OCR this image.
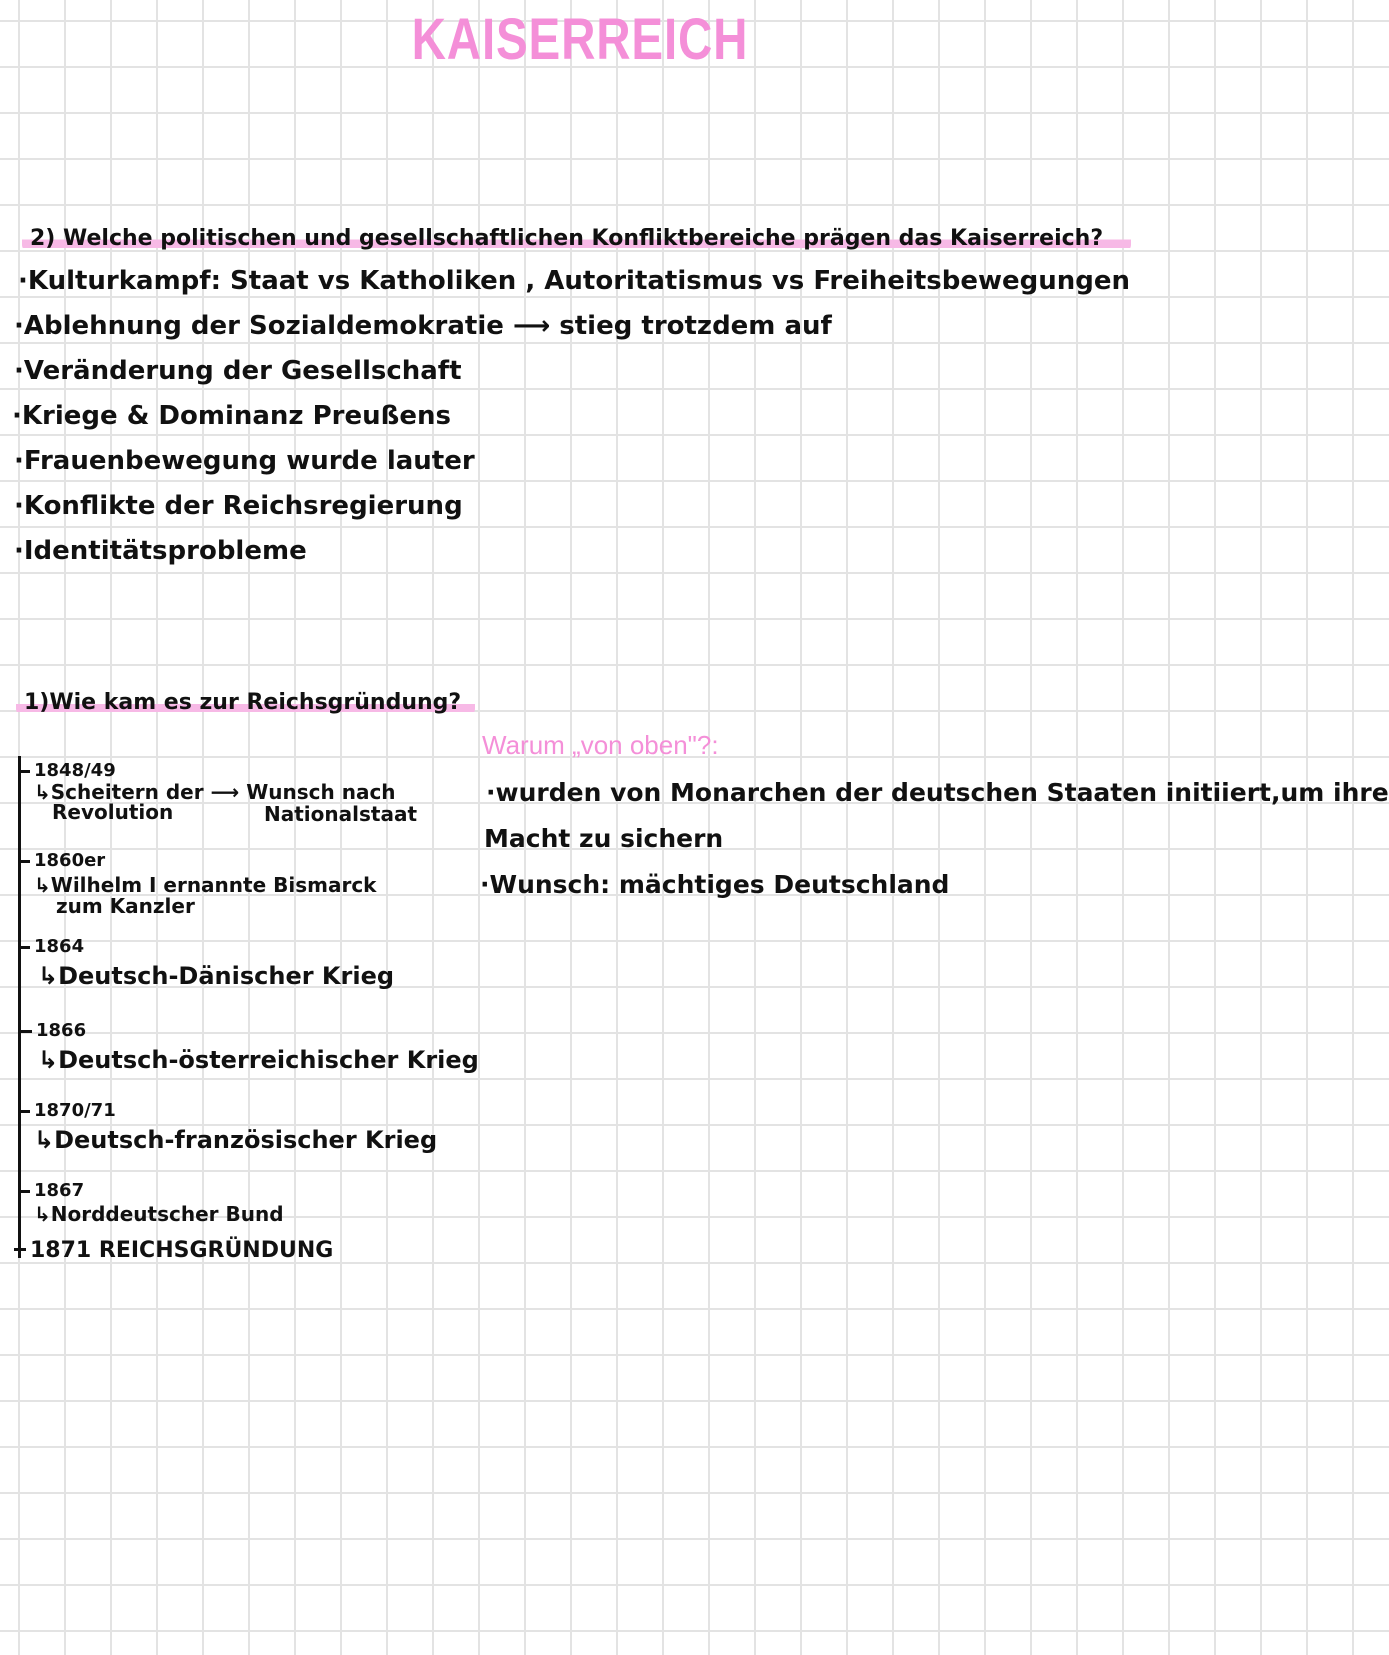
KAISERREICH
2) Welche politischen und gesellschaftlichen Konfliktbereiche prägen das Kaiserreich?
·Kulturkampf: Staat vs Katholiken , Autoritatismus vs Freiheitsbewegungen
·Ablehnung der Sozialdemokratie ⟶ stieg trotzdem auf
·Veränderung der Gesellschaft
·Kriege & Dominanz Preußens
·Frauenbewegung wurde lauter
·Konflikte der Reichsregierung
·Identitätsprobleme
1)Wie kam es zur Reichsgründung?
1848/49
↳Scheitern der ⟶ Wunsch nach
Revolution	Nationalstaat
1860er
↳Wilhelm I ernannte Bismarck
zum Kanzler
1864
↳Deutsch-Dänischer Krieg
1866
↳Deutsch-österreichischer Krieg
1870/71
↳Deutsch-französischer Krieg
1867
↳Norddeutscher Bund
1871 REICHSGRÜNDUNG
Warum „von oben"?:
·wurden von Monarchen der deutschen Staaten initiiert,um ihre
Macht zu sichern
·Wunsch: mächtiges Deutschland
